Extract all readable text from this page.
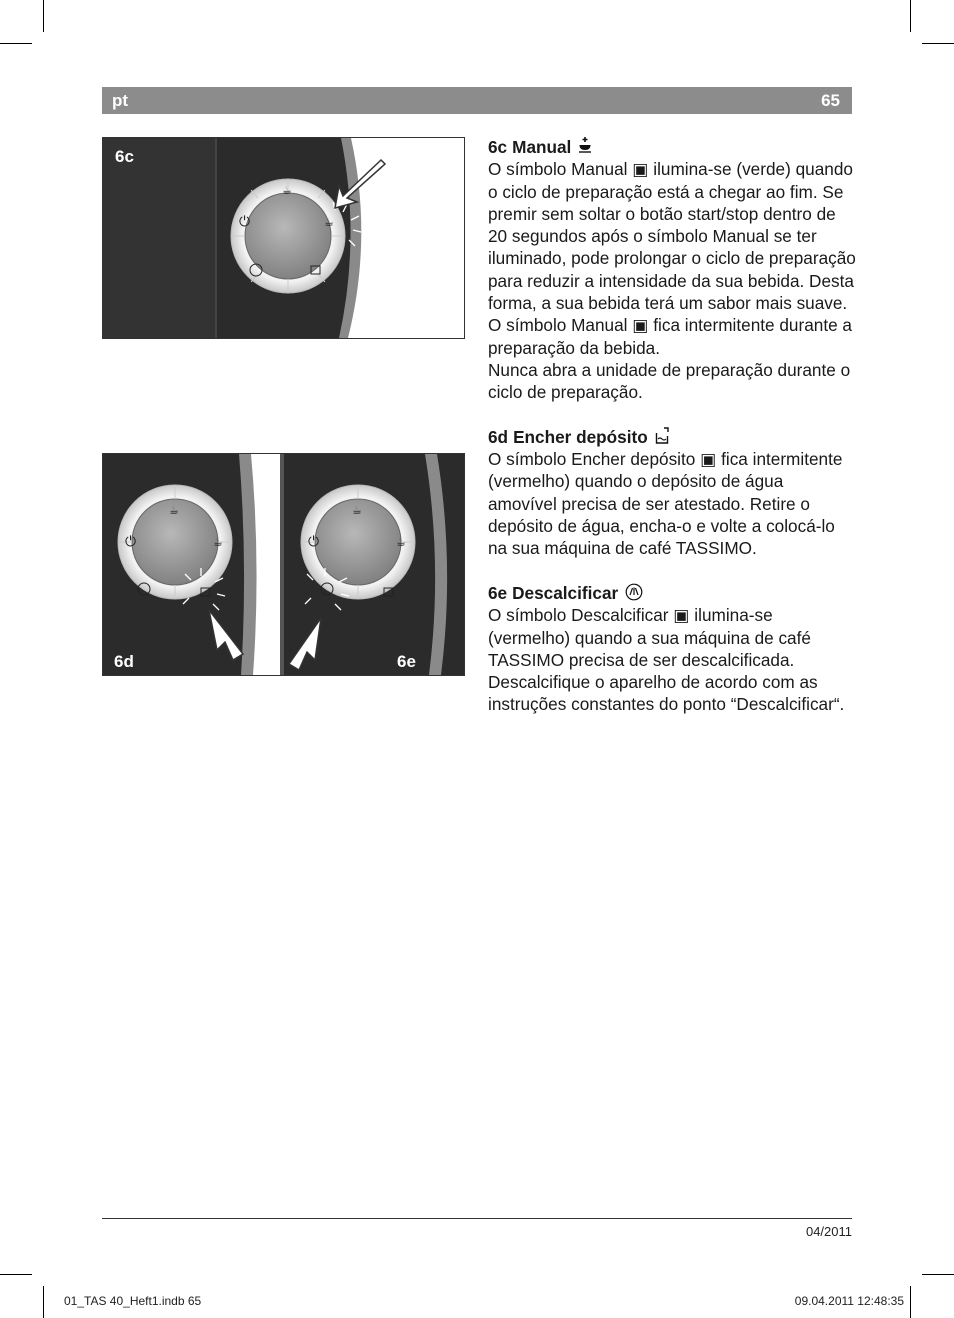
pt	65
⏻
☕
☕
6c
⏻
☕
☕	⏻
☕
☕
6d	6e
6c Manual
O símbolo Manual ▣ ilumina-se (verde) quando o ciclo de preparação está a chegar ao fim. Se premir sem soltar o botão start/stop dentro de 20 segundos após o símbolo Manual se ter iluminado, pode prolongar o ciclo de preparação para reduzir a intensidade da sua bebida. Desta forma, a sua bebida terá um sabor mais suave.
O símbolo Manual ▣ fica intermitente durante a preparação da bebida.
Nunca abra a unidade de preparação durante o ciclo de preparação.
6d Encher depósito
O símbolo Encher depósito ▣ fica intermitente (vermelho) quando o depósito de água amovível precisa de ser atestado. Retire o depósito de água, encha-o e volte a colocá-lo na sua máquina de café TASSIMO.
6e Descalcificar
O símbolo Descalcificar ▣ ilumina-se (vermelho) quando a sua máquina de café TASSIMO precisa de ser descalcificada. Descalcifique o aparelho de acordo com as instruções constantes do ponto “Descalcificar“.
04/2011
01_TAS 40_Heft1.indb 65	09.04.2011 12:48:35
